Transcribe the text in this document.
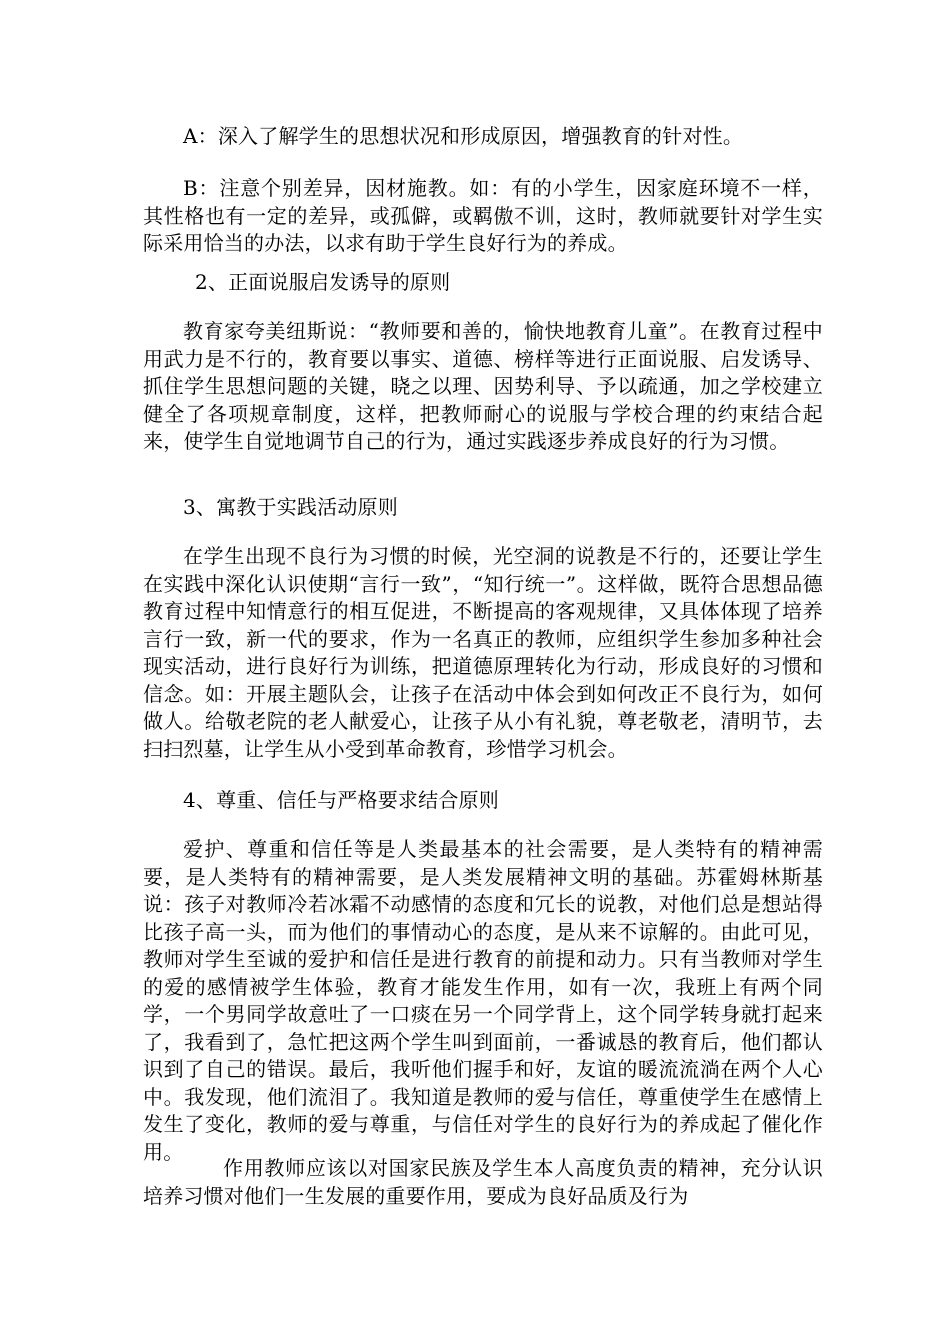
A：深入了解学生的思想状况和形成原因，增强教育的针对性。

B：注意个别差异，因材施教。如：有的小学生，因家庭环境不一样，其性格也有一定的差异，或孤僻，或羁傲不训，这时，教师就要针对学生实际采用恰当的办法，以求有助于学生良好行为的养成。

2、正面说服启发诱导的原则

教育家夸美纽斯说：“教师要和善的，愉快地教育儿童”。在教育过程中用武力是不行的，教育要以事实、道德、榜样等进行正面说服、启发诱导、抓住学生思想问题的关键，晓之以理、因势利导、予以疏通，加之学校建立健全了各项规章制度，这样，把教师耐心的说服与学校合理的约束结合起来，使学生自觉地调节自己的行为，通过实践逐步养成良好的行为习惯。

3、寓教于实践活动原则

在学生出现不良行为习惯的时候，光空洞的说教是不行的，还要让学生在实践中深化认识使期“言行一致”，“知行统一”。这样做，既符合思想品德教育过程中知情意行的相互促进，不断提高的客观规律，又具体体现了培养言行一致，新一代的要求，作为一名真正的教师，应组织学生参加多种社会现实活动，进行良好行为训练，把道德原理转化为行动，形成良好的习惯和信念。如：开展主题队会，让孩子在活动中体会到如何改正不良行为，如何做人。给敬老院的老人献爱心，让孩子从小有礼貌，尊老敬老，清明节，去扫扫烈墓，让学生从小受到革命教育，珍惜学习机会。

4、尊重、信任与严格要求结合原则

爱护、尊重和信任等是人类最基本的社会需要，是人类特有的精神需要，是人类特有的精神需要，是人类发展精神文明的基础。苏霍姆林斯基说：孩子对教师冷若冰霜不动感情的态度和冗长的说教，对他们总是想站得比孩子高一头，而为他们的事情动心的态度，是从来不谅解的。由此可见，教师对学生至诚的爱护和信任是进行教育的前提和动力。只有当教师对学生的爱的感情被学生体验，教育才能发生作用，如有一次，我班上有两个同学，一个男同学故意吐了一口痰在另一个同学背上，这个同学转身就打起来了，我看到了，急忙把这两个学生叫到面前，一番诚恳的教育后，他们都认识到了自己的错误。最后，我听他们握手和好，友谊的暖流流淌在两个人心中。我发现，他们流泪了。我知道是教师的爱与信任，尊重使学生在感情上发生了变化，教师的爱与尊重，与信任对学生的良好行为的养成起了催化作用。

作用教师应该以对国家民族及学生本人高度负责的精神，充分认识培养习惯对他们一生发展的重要作用，要成为良好品质及行为
